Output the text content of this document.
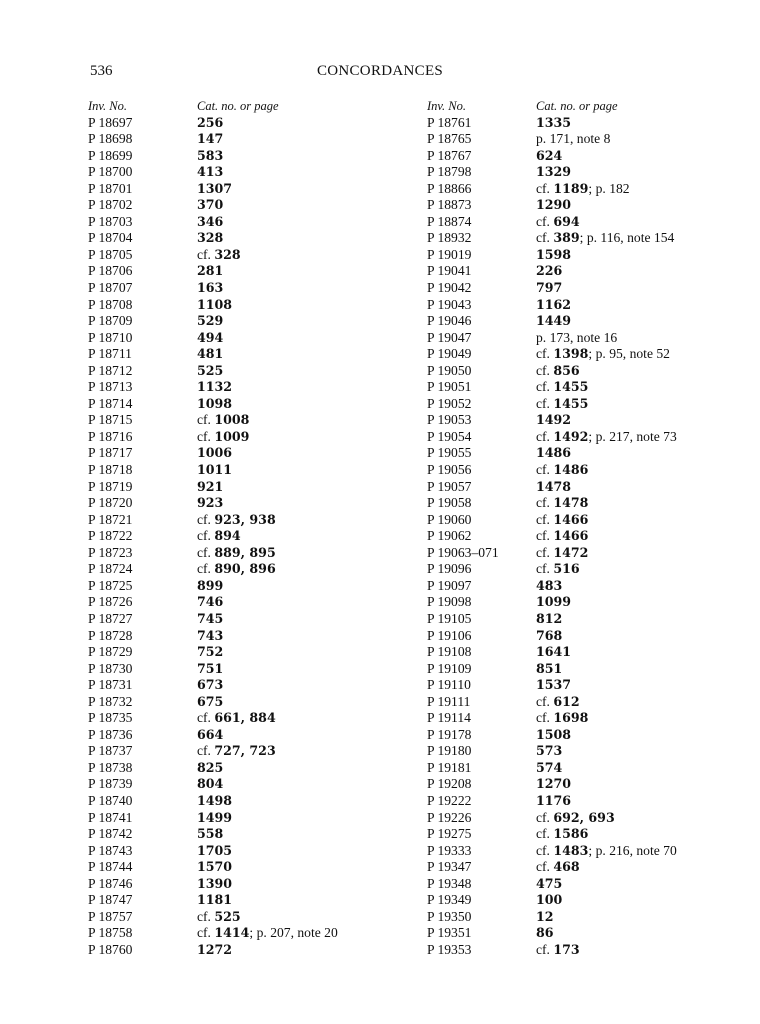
536	CONCORDANCES
Inv. No.	Cat. no. or page
P 18697	256
P 18698	147
P 18699	583
P 18700	413
P 18701	1307
P 18702	370
P 18703	346
P 18704	328
P 18705	cf. 328
P 18706	281
P 18707	163
P 18708	1108
P 18709	529
P 18710	494
P 18711	481
P 18712	525
P 18713	1132
P 18714	1098
P 18715	cf. 1008
P 18716	cf. 1009
P 18717	1006
P 18718	1011
P 18719	921
P 18720	923
P 18721	cf. 923, 938
P 18722	cf. 894
P 18723	cf. 889, 895
P 18724	cf. 890, 896
P 18725	899
P 18726	746
P 18727	745
P 18728	743
P 18729	752
P 18730	751
P 18731	673
P 18732	675
P 18735	cf. 661, 884
P 18736	664
P 18737	cf. 727, 723
P 18738	825
P 18739	804
P 18740	1498
P 18741	1499
P 18742	558
P 18743	1705
P 18744	1570
P 18746	1390
P 18747	1181
P 18757	cf. 525
P 18758	cf. 1414; p. 207, note 20
P 18760	1272
Inv. No.	Cat. no. or page
P 18761	1335
P 18765	p. 171, note 8
P 18767	624
P 18798	1329
P 18866	cf. 1189; p. 182
P 18873	1290
P 18874	cf. 694
P 18932	cf. 389; p. 116, note 154
P 19019	1598
P 19041	226
P 19042	797
P 19043	1162
P 19046	1449
P 19047	p. 173, note 16
P 19049	cf. 1398; p. 95, note 52
P 19050	cf. 856
P 19051	cf. 1455
P 19052	cf. 1455
P 19053	1492
P 19054	cf. 1492; p. 217, note 73
P 19055	1486
P 19056	cf. 1486
P 19057	1478
P 19058	cf. 1478
P 19060	cf. 1466
P 19062	cf. 1466
P 19063–071	cf. 1472
P 19096	cf. 516
P 19097	483
P 19098	1099
P 19105	812
P 19106	768
P 19108	1641
P 19109	851
P 19110	1537
P 19111	cf. 612
P 19114	cf. 1698
P 19178	1508
P 19180	573
P 19181	574
P 19208	1270
P 19222	1176
P 19226	cf. 692, 693
P 19275	cf. 1586
P 19333	cf. 1483; p. 216, note 70
P 19347	cf. 468
P 19348	475
P 19349	100
P 19350	12
P 19351	86
P 19353	cf. 173
